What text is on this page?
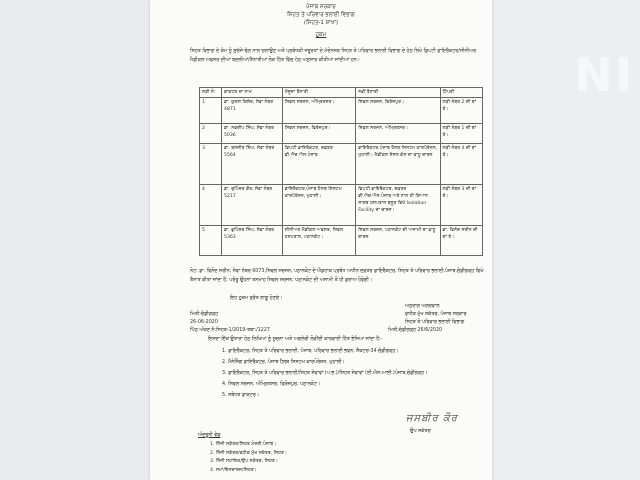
NI
ਪੰਜਾਬ ਸਰਕਾਰ
ਸਿਹਤ ਤੇ ਪਰਿਵਾਰ ਭਲਾਈ ਵਿਭਾਗ
(ਸਿਹਤ-1 ਸ਼ਾਖਾ)
ਹੁਕਮ
ਸਿਹਤ ਵਿਭਾਗ ਦੇ ਕੰਮ ਨੂੰ ਸੁਚੱਜੇ ਢੰਗ ਨਾਲ ਚਲਾਉਣ ਅਤੇ ਪ੍ਰਬੰਧਕੀ ਜਰੂਰਤਾਂ ਦੇ ਮੱਦੇਨਜ਼ਰ ਸਿਹਤ ਤੇ ਪਰਿਵਾਰ ਭਲਾਈ ਵਿਭਾਗ ਦੇ ਹੇਠ ਲਿਖੇ ਡਿਪਟੀ ਡਾਇਰੈਕਟਰ/ਸੀਨੀਅਰ ਮੈਡੀਕਲ ਅਫਸਰ ਦੀਆਂ ਬਦਲੀਆਂ/ਤੈਨਾਤੀਆਂ ਲੋਕ ਹਿੱਤ ਵਿੱਚ ਹੇਠ ਅਨੁਸਾਰ ਕੀਤੀਆਂ ਜਾਂਦੀਆਂ ਹਨ:-
ਲੜੀ ਨੰ:	ਡਾਕਟਰ ਦਾ ਨਾਮ	ਮੌਜੂਦਾ ਤੈਨਾਤੀ	ਨਵੀਂ ਤੈਨਾਤੀ	ਟਿੱਪਣੀ
1	ਡਾ. ਯੁਗਲ ਕਿਸ਼ੋਰ, ਸੇਵਾ ਨੰਬਰ 4871	ਸਿਵਲ ਸਰਜਨ, ਅੰਮ੍ਰਿਤਸਰ।	ਸਿਵਲ ਸਰਜਨ, ਫਿਰੋਜ਼ਪੁਰ।	ਲੜੀ ਨੰਬਰ 2 ਦੀ ਥਾਂ ਤੇ।
2	ਡਾ. ਨਵਦੀਪ ਸਿੰਘ, ਸੇਵਾ ਨੰਬਰ 5036	ਸਿਵਲ ਸਰਜਨ, ਫਿਰੋਜ਼ਪੁਰ।	ਸਿਵਲ ਸਰਜਨ, ਅੰਮ੍ਰਿਤਸਰ।	ਲੜੀ ਨੰਬਰ 1 ਦੀ ਥਾਂ ਤੇ।
3	ਡਾ. ਬਲਜੀਤ ਸਿੰਘ, ਸੇਵਾ ਨੰਬਰ 5564	ਡਿਪਟੀ ਡਾਇਰੈਕਟਰ, ਦਫ਼ਤਰ ਡੀ.ਐਚ.ਐਸ.ਪੰਜਾਬ	ਡਾਇਰੈਕਟਰ,ਪੰਜਾਬ ਹੈਲਥ ਸਿਸਟਮ ਕਾਰਪੋਰੇਸ਼ਨ, ਮੁਹਾਲੀ। ਮੈਡੀਕਲ ਸੋਸਲ ਕੇਸ ਦਾ ਵਾਧੂ ਚਾਰਜ	ਲੜੀ ਨੰਬਰ 4 ਦੀ ਥਾਂ ਤੇ।
4	ਡਾ. ਦੁਪਿੰਦਰ ਕੌਰ, ਸੇਵਾ ਨੰਬਰ 5217	ਡਾਇਰੈਕਟਰ,ਪੰਜਾਬ ਹੈਲਥ ਸਿਸਟਮ ਕਾਰਪੋਰੇਸ਼ਨ, ਮੁਹਾਲੀ।	ਡਿਪਟੀ ਡਾਇਰੈਕਟਰ, ਦਫ਼ਤਰ ਡੀ.ਐਚ.ਐਸ.ਪੰਜਾਬ ਅਤੇ ਨਾਲ ਹੀ ਗਿਆਨ ਸਾਗਰ ਹਸਪਤਾਲ ਬਨੂੜ ਵਿਖੇ Isolation Facility ਦਾ ਚਾਰਜ।	ਲੜੀ ਨੰਬਰ 3 ਦੀ ਥਾਂ ਤੇ।
5	ਡਾ. ਭੁਪਿੰਦਰ ਸਿੰਘ, ਸੇਵਾ ਨੰਬਰ 5363	ਸੀਨੀਅਰ ਮੈਡੀਕਲ ਅਫਸਰ, ਸਿਵਲ ਹਸਪਤਾਲ, ਪਠਾਨਕੋਟ।	ਸਿਵਲ ਸਰਜਨ, ਪਠਾਨਕੋਟ ਦੀ ਅਸਾਮੀ ਦਾ ਵਾਧੂ ਚਾਰਜ	ਡਾ. ਵਿਨੋਦ ਸਰੀਨ ਦੀ ਥਾਂ ਤੇ।
ਨੋਟ: ਡਾ. ਵਿਨੋਦ ਸਰੀਨ, ਸੇਵਾ ਨੰਬਰ 6073,ਸਿਵਲ ਸਰਜਨ, ਪਠਾਨਕੋਟ ਦੇ ਐਡਹਾਕ ਪ੍ਰਬੰਧ ਅਧੀਨ ਦਫ਼ਤਰ ਡਾਇਰੈਕਟਰ, ਸਿਹਤ ਤੇ ਪਰਿਵਾਰ ਭਲਾਈ,ਪੰਜਾਬ,ਚੰਡੀਗੜ੍ਹ ਵਿਖੇ ਤੈਨਾਤ ਕੀਤਾ ਜਾਂਦਾ ਹੈ, ਪਰੰਤੂ ਉਹਨਾਂ ਤਨਖਾਹ ਸਿਵਲ ਸਰਜਨ, ਪਠਾਨਕੋਟ ਦੀ ਅਸਾਮੀ ਤੋਂ ਹੀ ਡਰਾਅ ਹੋਵੇਗੀ।
ਇਹ ਹੁਕਮ ਤੁਰੰਤ ਲਾਗੂ ਹੋਣਗੇ।
ਅਨੁਰਾਗ ਅਗਰਵਾਲ
ਵਧੀਕ ਮੁੱਖ ਸਕੱਤਰ, ਪੰਜਾਬ ਸਰਕਾਰ
ਸਿਹਤ ਤੇ ਪਰਿਵਾਰ ਭਲਾਈ ਵਿਭਾਗ
ਮਿਤੀ:ਚੰਡੀਗੜ੍ਹ
26-06-2020
ਪਿੱਠ ਅੰਕਣ ਨੰ:ਸਿਹਤ-1/2019-ਤਬਾ:/1227	ਮਿਤੀ,ਚੰਡੀਗੜ੍ਹ 26/6/2020
ਇਸਦਾ ਇੱਕ ਉਤਾਰਾ ਹੇਠ ਲਿਖਿਆਂ ਨੂੰ ਸੂਚਨਾ ਅਤੇ ਅਗਲੇਰੀ ਲੋੜੀਂਦੀ ਕਾਰਵਾਈ ਹਿੱਤ ਭੇਜਿਆ ਜਾਂਦਾ ਹੈ:-
1. ਡਾਇਰੈਕਟਰ, ਸਿਹਤ ਤੇ ਪਰਿਵਾਰ ਭਲਾਈ, ਪੰਜਾਬ, ਪਰਿਵਾਰ ਭਲਾਈ ਭਵਨ, ਸੈਕਟਰ-34 ਚੰਡੀਗੜ੍ਹ।
2. ਮੈਨੇਜਿੰਗ ਡਾਇਰੈਕਟਰ, ਪੰਜਾਬ ਹੈਲਥ ਸਿਸਟਮ ਕਾਰਪੋਰੇਸ਼ਨ, ਮੁਹਾਲੀ।
3. ਡਾਇਰੈਕਟਰ, ਸਿਹਤ ਤੇ ਪਰਿਵਾਰ ਭਲਾਈ/ਸਿਹਤ ਸੇਵਾਵਾਂ (ਪ.ਭ.)/ਸਿਹਤ ਸੇਵਾਵਾਂ (ਈ.ਐਸ.ਆਈ.)ਪੰਜਾਬ,ਚੰਡੀਗੜ੍ਹ।
4. ਸਿਵਲ ਸਰਜਨ, ਅੰਮ੍ਰਿਤਸਰ, ਫਿਰੋਜ਼ਪੁਰ, ਪਠਾਨਕੋਟ।
5. ਸਬੰਧਤ ਡਾਕਟਰ।
ਜਸਬੀਰ ਕੌਰ
ਉਪ ਸਕੱਤਰ
ਅੰਦਰੂਨੀ ਵੰਡ
1. ਨਿੱਜੀ ਸਕੱਤਰ/ਸਿਹਤ ਮੰਤਰੀ,ਪੰਜਾਬ।
2. ਨਿੱਜੀ ਸਕੱਤਰ/ਵਧੀਕ ਮੁੱਖ ਸਕੱਤਰ, ਸਿਹਤ।
3. ਨਿੱਜੀ ਸਹਾਇਕ/ਉਪ ਸਕੱਤਰ, ਸਿਹਤ।
4. ਸਮਾਂ/ਇਨਚਾਰਜ/ਸਿਹਤ।
